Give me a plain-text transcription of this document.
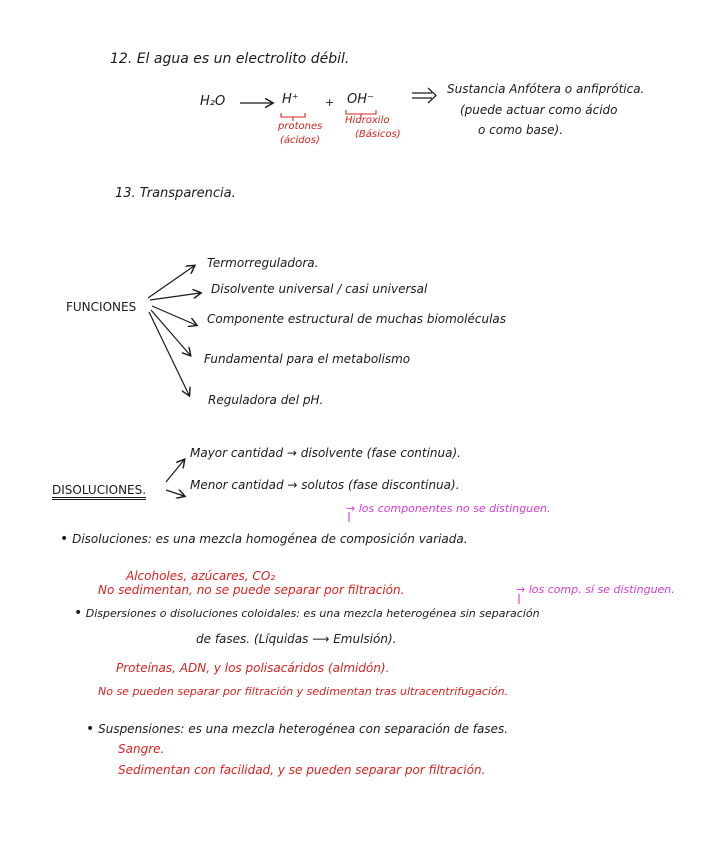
12. El agua es un electrolito débil.
H₂O	H⁺ + OH⁻
protones
(ácidos)
Hidroxilo
(Básicos)
Sustancia Anfótera o anfiprótica.
(puede actuar como ácido
o como base).
13. Transparencia.
FUNCIONES
Termorreguladora.
Disolvente universal / casi universal
Componente estructural de muchas biomoléculas
Fundamental para el metabolismo
Reguladora del pH.
DISOLUCIONES.
Mayor cantidad → disolvente (fase continua).
Menor cantidad → solutos (fase discontinua).
→ los componentes no se distinguen.
• Disoluciones: es una mezcla homogénea de composición variada.
Alcoholes, azúcares, CO₂
No sedimentan, no se puede separar por filtración.	→ los comp. sí se distinguen.
• Dispersiones o disoluciones coloidales: es una mezcla heterogénea sin separación
de fases. (Líquidas ⟶ Emulsión).
Proteínas, ADN, y los polisacáridos (almidón).
No se pueden separar por filtración y sedimentan tras ultracentrifugación.
• Suspensiones: es una mezcla heterogénea con separación de fases.
Sangre.
Sedimentan con facilidad, y se pueden separar por filtración.
